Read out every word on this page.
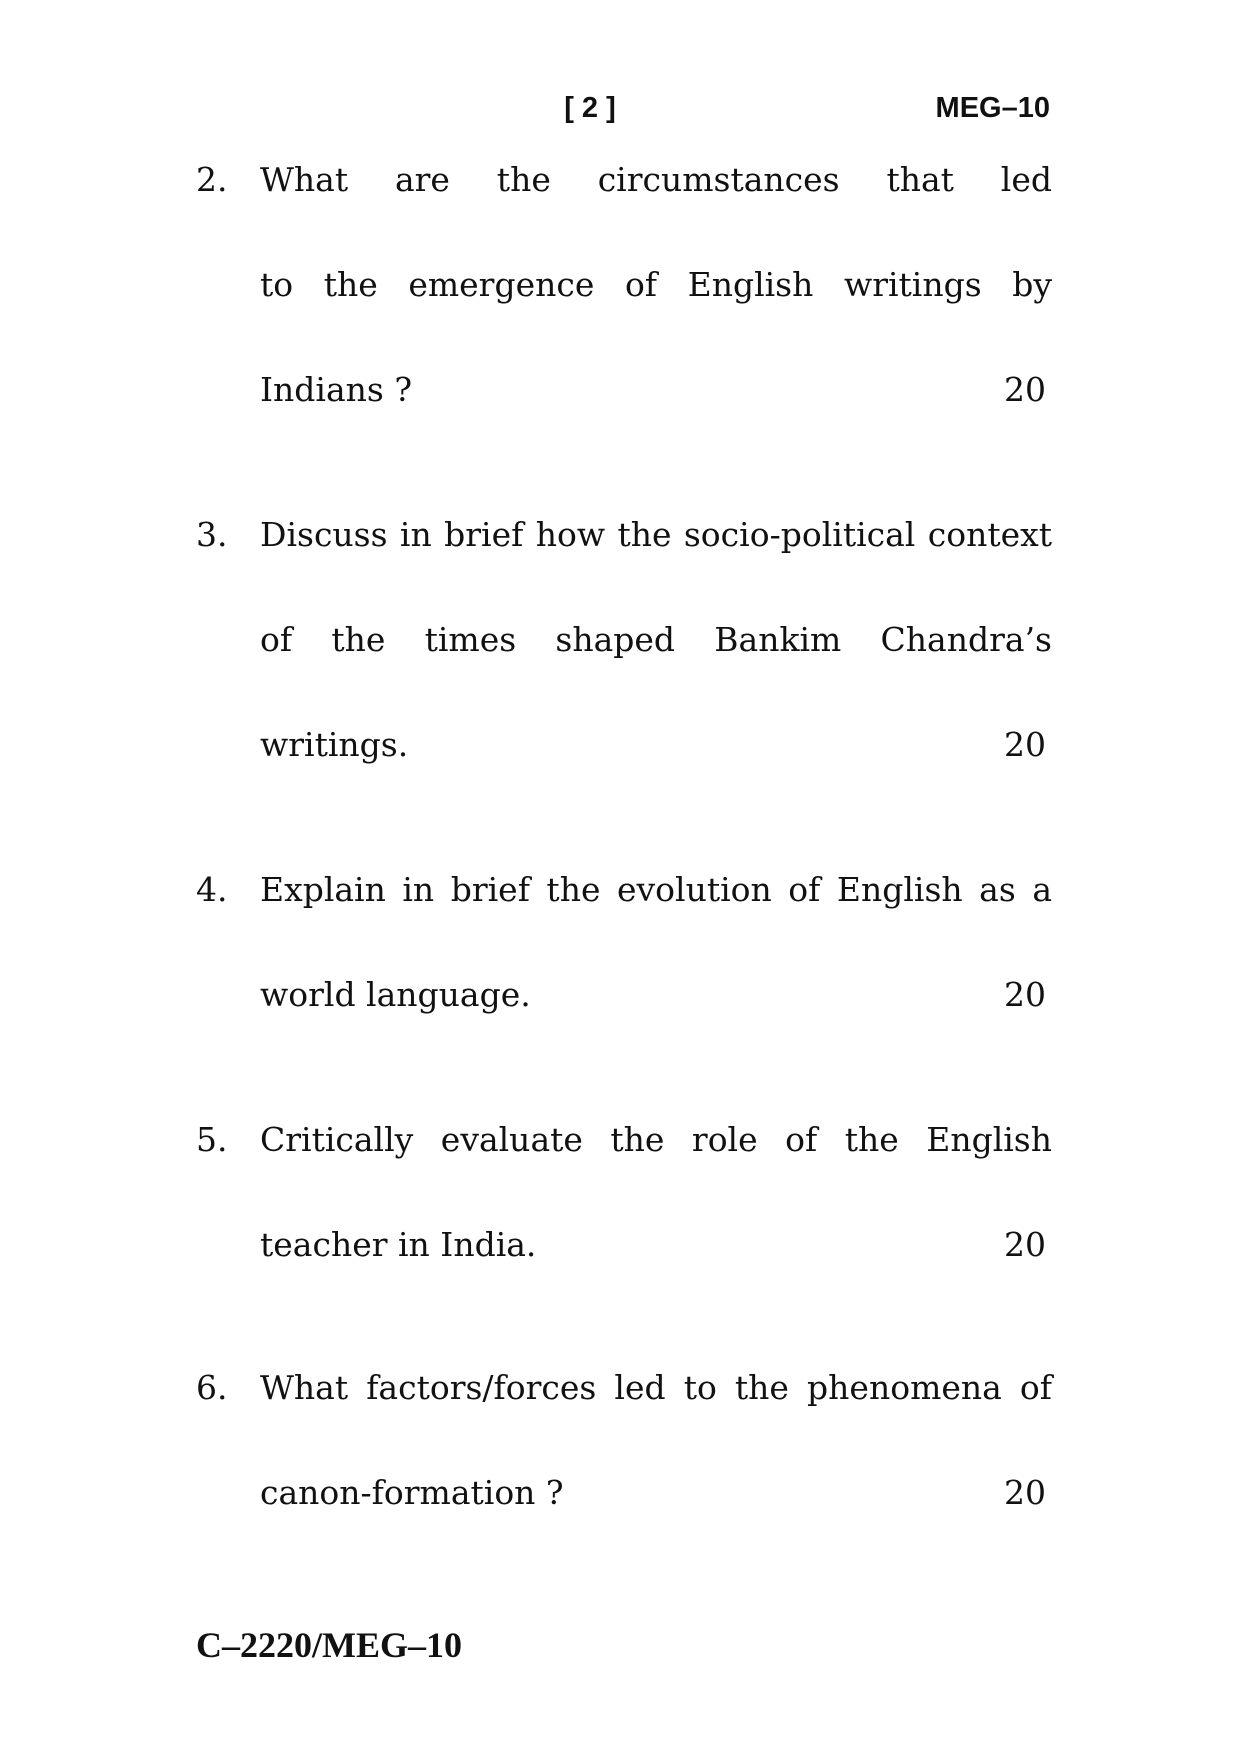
[ 2 ]	MEG–10
2. What are the circumstances that led
to the emergence of English writings by
Indians ?	20
3. Discuss in brief how the socio-political context
of the times shaped Bankim Chandra’s
writings.	20
4. Explain in brief the evolution of English as a
world language.	20
5. Critically evaluate the role of the English
teacher in India.	20
6. What factors/forces led to the phenomena of
canon-formation ?	20
C–2220/MEG–10
